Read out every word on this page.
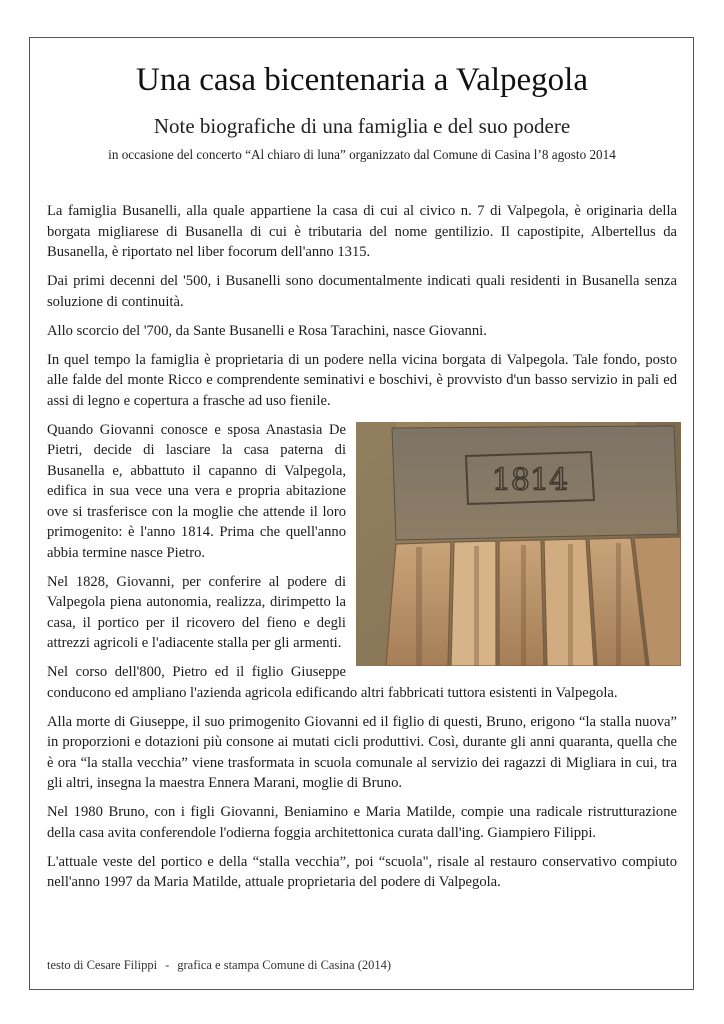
Una casa bicentenaria a Valpegola
Note biografiche di una famiglia e del suo podere
in occasione del concerto “Al chiaro di luna” organizzato dal Comune di Casina l’8 agosto 2014

La famiglia Busanelli, alla quale appartiene la casa di cui al civico n. 7 di Valpegola, è originaria della borgata migliarese di Busanella di cui è tributaria del nome gentilizio. Il capostipite, Albertellus da Busanella, è riportato nel liber focorum dell'anno 1315.

Dai primi decenni del '500, i Busanelli sono documentalmente indicati quali residenti in Busanella senza soluzione di continuità.

Allo scorcio del '700, da Sante Busanelli e Rosa Tarachini, nasce Giovanni.

In quel tempo la famiglia è proprietaria di un podere nella vicina borgata di Valpegola. Tale fondo, posto alle falde del monte Ricco e comprendente seminativi e boschivi, è provvisto d'un basso servizio in pali ed assi di legno e copertura a frasche ad uso fienile.

1814

Quando Giovanni conosce e sposa Anastasia De Pietri, decide di lasciare la casa paterna di Busanella e, abbattuto il capanno di Valpegola, edifica in sua vece una vera e propria abitazione ove si trasferisce con la moglie che attende il loro primogenito: è l'anno 1814. Prima che quell'anno abbia termine nasce Pietro.

Nel 1828, Giovanni, per conferire al podere di Valpegola piena autonomia, realizza, dirimpetto la casa, il portico per il ricovero del fieno e degli attrezzi agricoli e l'adiacente stalla per gli armenti.

Nel corso dell'800, Pietro ed il figlio Giuseppe conducono ed ampliano l'azienda agricola edificando altri fabbricati tuttora esistenti in Valpegola.

Alla morte di Giuseppe, il suo primogenito Giovanni ed il figlio di questi, Bruno, erigono “la stalla nuova” in proporzioni e dotazioni più consone ai mutati cicli produttivi. Così, durante gli anni quaranta, quella che è ora “la stalla vecchia” viene trasformata in scuola comunale al servizio dei ragazzi di Migliara in cui, tra gli altri, insegna la maestra Ennera Marani, moglie di Bruno.

Nel 1980 Bruno, con i figli Giovanni, Beniamino e Maria Matilde, compie una radicale ristrutturazione della casa avita conferendole l'odierna foggia architettonica curata dall'ing. Giampiero Filippi.

L'attuale veste del portico e della “stalla vecchia”, poi “scuola", risale al restauro conservativo compiuto nell'anno 1997 da Maria Matilde, attuale proprietaria del podere di Valpegola.

testo di Cesare Filippi - grafica e stampa Comune di Casina (2014)
